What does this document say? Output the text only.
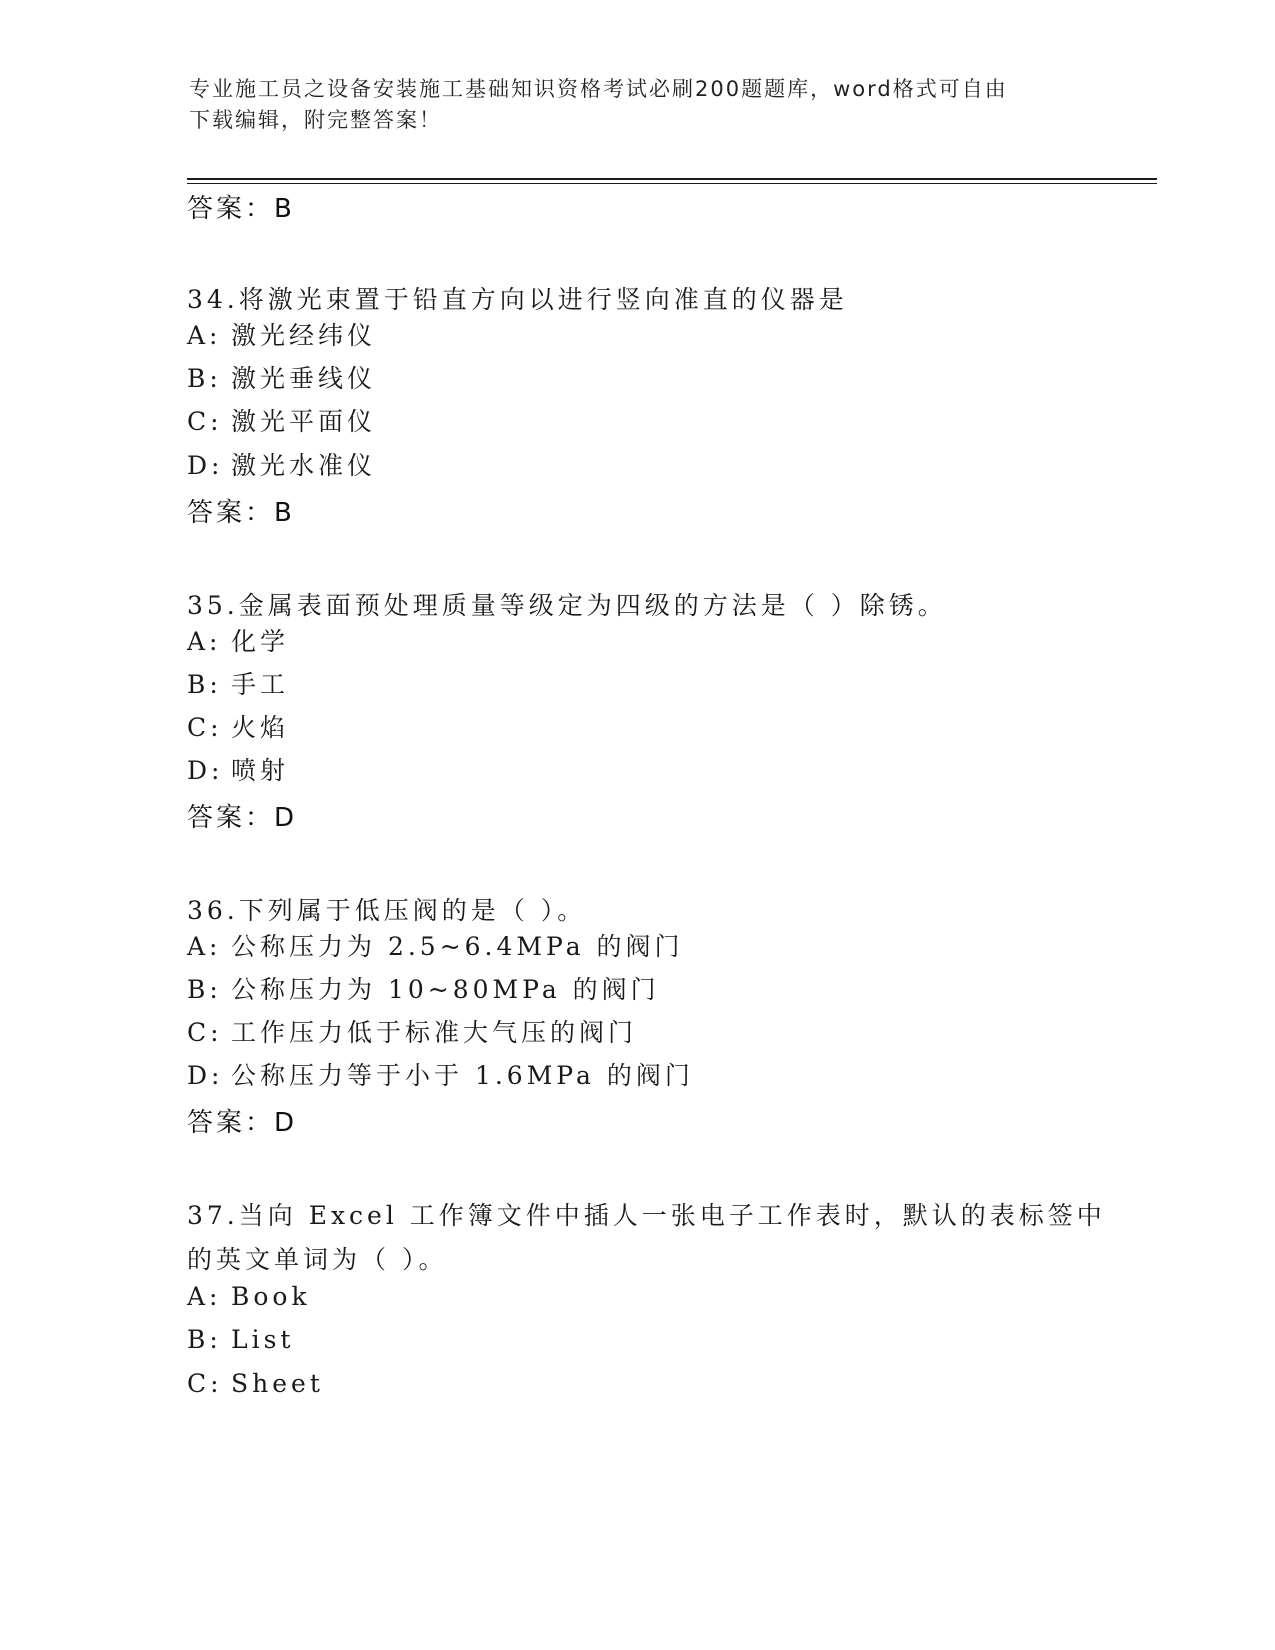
专业施工员之设备安装施工基础知识资格考试必刷200题题库，word格式可自由
下载编辑，附完整答案！
答案：B
34.将激光束置于铅直方向以进行竖向准直的仪器是
A: 激光经纬仪
B: 激光垂线仪
C: 激光平面仪
D: 激光水准仪
答案：B
35.金属表面预处理质量等级定为四级的方法是（ ）除锈。
A: 化学
B: 手工
C: 火焰
D: 喷射
答案：D
36.下列属于低压阀的是（ ）。
A: 公称压力为 2.5~6.4MPa 的阀门
B: 公称压力为 10~80MPa 的阀门
C: 工作压力低于标准大气压的阀门
D: 公称压力等于小于 1.6MPa 的阀门
答案：D
37.当向 Excel 工作簿文件中插人一张电子工作表时，默认的表标签中
的英文单词为（ ）。
A: Book
B: List
C: Sheet
